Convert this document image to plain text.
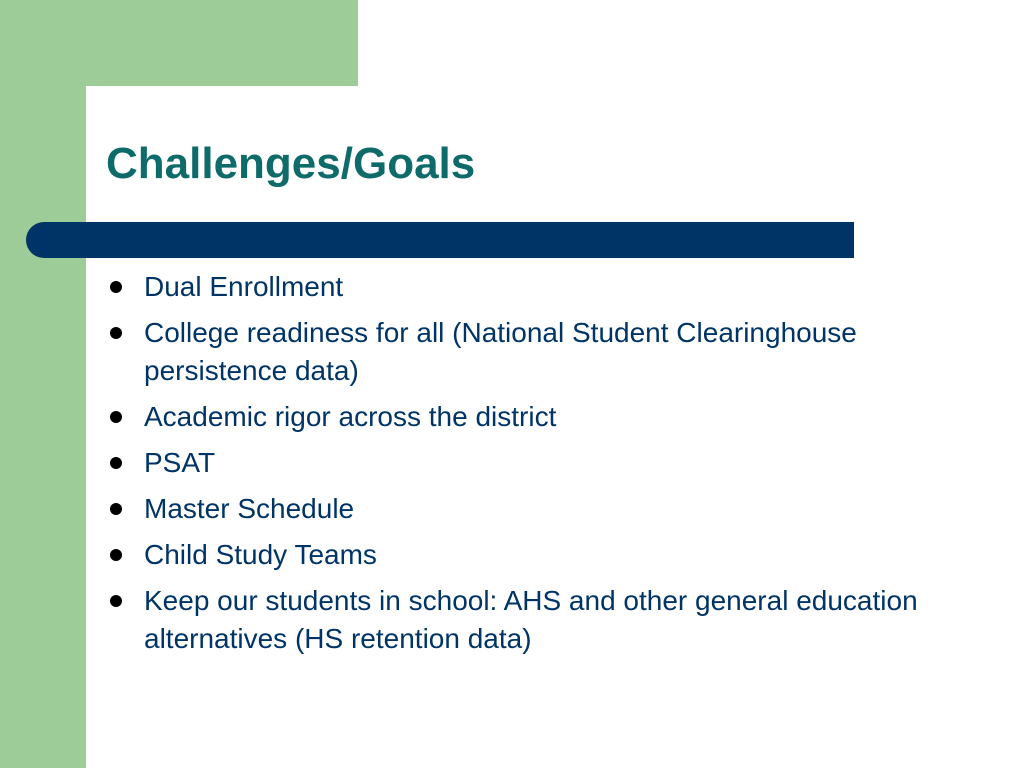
Challenges/Goals
Dual Enrollment
College readiness for all (National Student Clearinghouse persistence data)
Academic rigor across the district
PSAT
Master Schedule
Child Study Teams
Keep our students in school: AHS and other general education alternatives (HS retention data)
